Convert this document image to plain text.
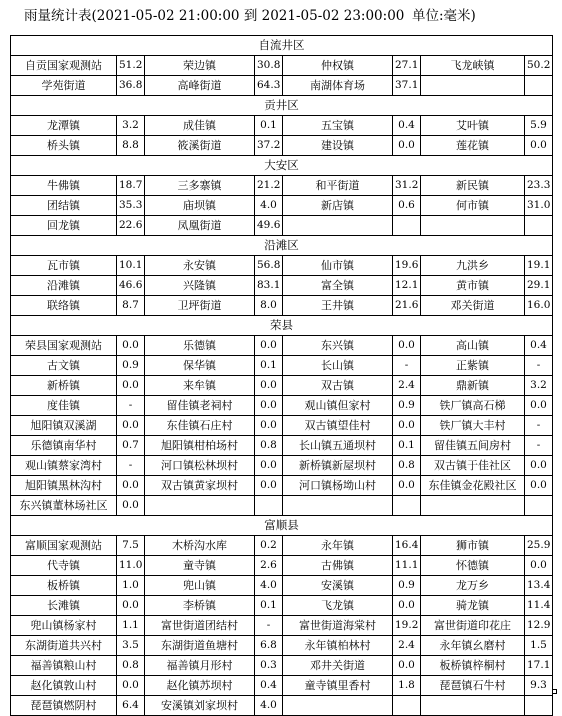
雨量统计表(2021-05-02 21:00:00 到 2021-05-02 23:00:00 单位:毫米)
自流井区							
自贡国家观测站	51.2	荣边镇	30.8	仲权镇	27.1	飞龙峡镇	50.2
学苑街道	36.8	高峰街道	64.3	南湖体育场	37.1		
贡井区							
龙潭镇	3.2	成佳镇	0.1	五宝镇	0.4	艾叶镇	5.9
桥头镇	8.8	筱溪街道	37.2	建设镇	0.0	莲花镇	0.0
大安区							
牛佛镇	18.7	三多寨镇	21.2	和平街道	31.2	新民镇	23.3
团结镇	35.3	庙坝镇	4.0	新店镇	0.6	何市镇	31.0
回龙镇	22.6	凤凰街道	49.6				
沿滩区							
瓦市镇	10.1	永安镇	56.8	仙市镇	19.6	九洪乡	19.1
沿滩镇	46.6	兴隆镇	83.1	富全镇	12.1	黄市镇	29.1
联络镇	8.7	卫坪街道	8.0	王井镇	21.6	邓关街道	16.0
荣县							
荣县国家观测站	0.0	乐德镇	0.0	东兴镇	0.0	高山镇	0.4
古文镇	0.9	保华镇	0.1	长山镇	-	正紫镇	-
新桥镇	0.0	来牟镇	0.0	双古镇	2.4	鼎新镇	3.2
度佳镇	-	留佳镇老祠村	0.0	观山镇但家村	0.9	铁厂镇高石梯	0.0
旭阳镇双溪湖	0.0	东佳镇石庄村	0.0	双古镇望佳村	0.0	铁厂镇大丰村	-
乐德镇南华村	0.7	旭阳镇柑柏场村	0.8	长山镇五通坝村	0.1	留佳镇五间房村	-
观山镇蔡家湾村	-	河口镇松林坝村	0.0	新桥镇新屋坝村	0.8	双古镇于佳社区	0.0
旭阳镇黑林沟村	0.0	双古镇黄家坝村	0.0	河口镇杨坳山村	0.0	东佳镇金花殿社区	0.0
东兴镇董林场社区	0.0						
富顺县							
富顺国家观测站	7.5	木桥沟水库	0.2	永年镇	16.4	狮市镇	25.9
代寺镇	11.0	童寺镇	2.6	古佛镇	11.1	怀德镇	0.0
板桥镇	1.0	兜山镇	4.0	安溪镇	0.9	龙万乡	13.4
长滩镇	0.0	李桥镇	0.1	飞龙镇	0.0	骑龙镇	11.4
兜山镇杨家村	1.1	富世街道团结村	-	富世街道海棠村	19.2	富世街道印花庄	12.9
东湖街道共兴村	3.5	东湖街道鱼塘村	6.8	永年镇柏林村	2.4	永年镇幺磨村	1.5
福善镇粮山村	0.8	福善镇月形村	0.3	邓井关街道	0.0	板桥镇梓桐村	17.1
赵化镇敦山村	0.0	赵化镇苏坝村	0.4	童寺镇里香村	1.8	琵琶镇石牛村	9.3
琵琶镇燃阴村	6.4	安溪镇刘家坝村	4.0				
